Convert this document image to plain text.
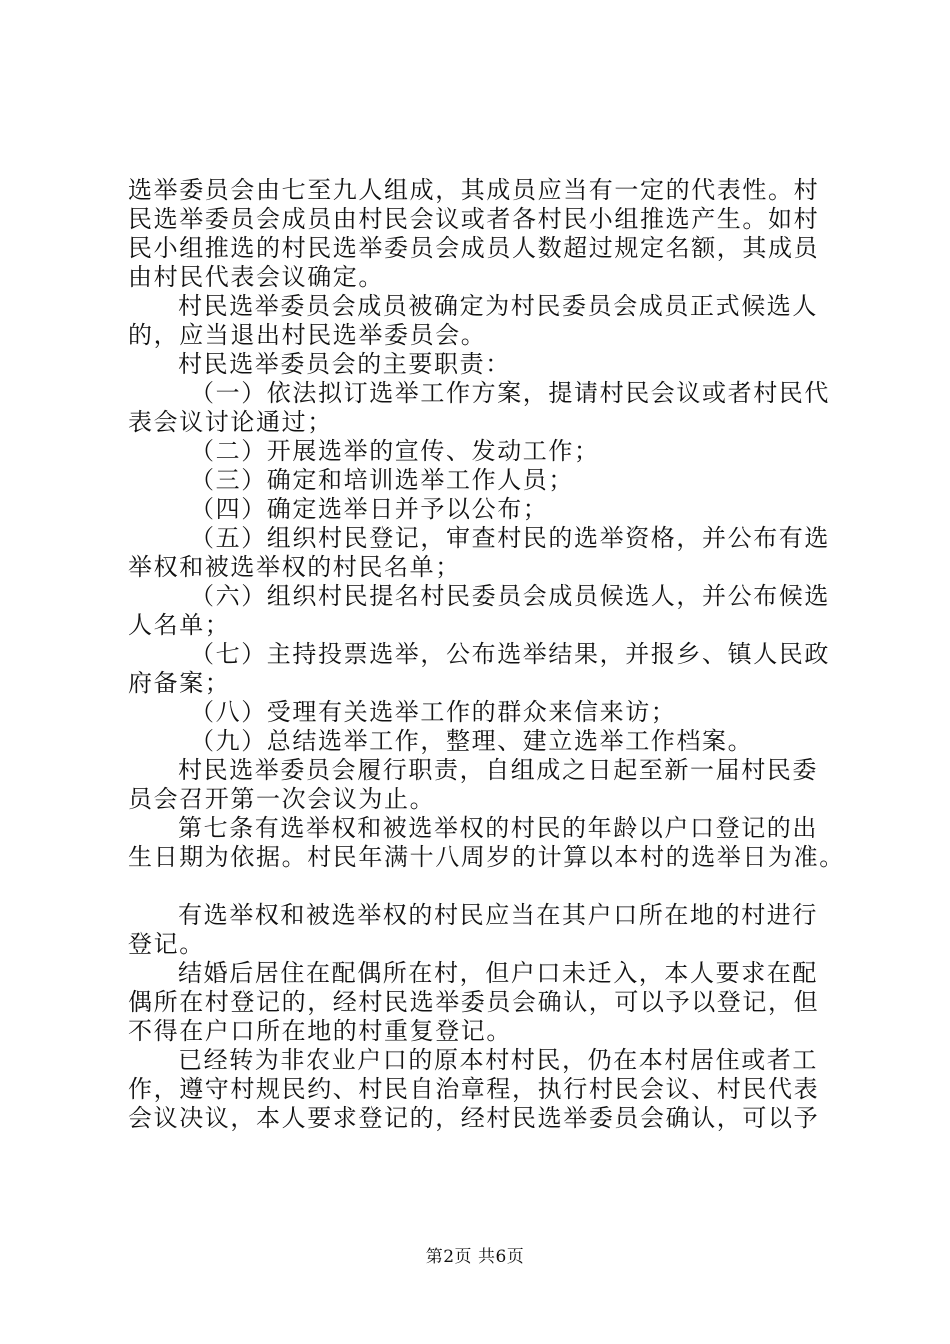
选举委员会由七至九人组成，其成员应当有一定的代表性。村
民选举委员会成员由村民会议或者各村民小组推选产生。如村
民小组推选的村民选举委员会成员人数超过规定名额，其成员
由村民代表会议确定。
村民选举委员会成员被确定为村民委员会成员正式候选人
的，应当退出村民选举委员会。
村民选举委员会的主要职责：
（一）依法拟订选举工作方案，提请村民会议或者村民代
表会议讨论通过；
（二）开展选举的宣传、发动工作；
（三）确定和培训选举工作人员；
（四）确定选举日并予以公布；
（五）组织村民登记，审查村民的选举资格，并公布有选
举权和被选举权的村民名单；
（六）组织村民提名村民委员会成员候选人，并公布候选
人名单；
（七）主持投票选举，公布选举结果，并报乡、镇人民政
府备案；
（八）受理有关选举工作的群众来信来访；
（九）总结选举工作，整理、建立选举工作档案。
村民选举委员会履行职责，自组成之日起至新一届村民委
员会召开第一次会议为止。
第七条有选举权和被选举权的村民的年龄以户口登记的出
生日期为依据。村民年满十八周岁的计算以本村的选举日为准。
有选举权和被选举权的村民应当在其户口所在地的村进行
登记。
结婚后居住在配偶所在村，但户口未迁入，本人要求在配
偶所在村登记的，经村民选举委员会确认，可以予以登记，但
不得在户口所在地的村重复登记。
已经转为非农业户口的原本村村民，仍在本村居住或者工
作，遵守村规民约、村民自治章程，执行村民会议、村民代表
会议决议，本人要求登记的，经村民选举委员会确认，可以予
第2页 共6页
